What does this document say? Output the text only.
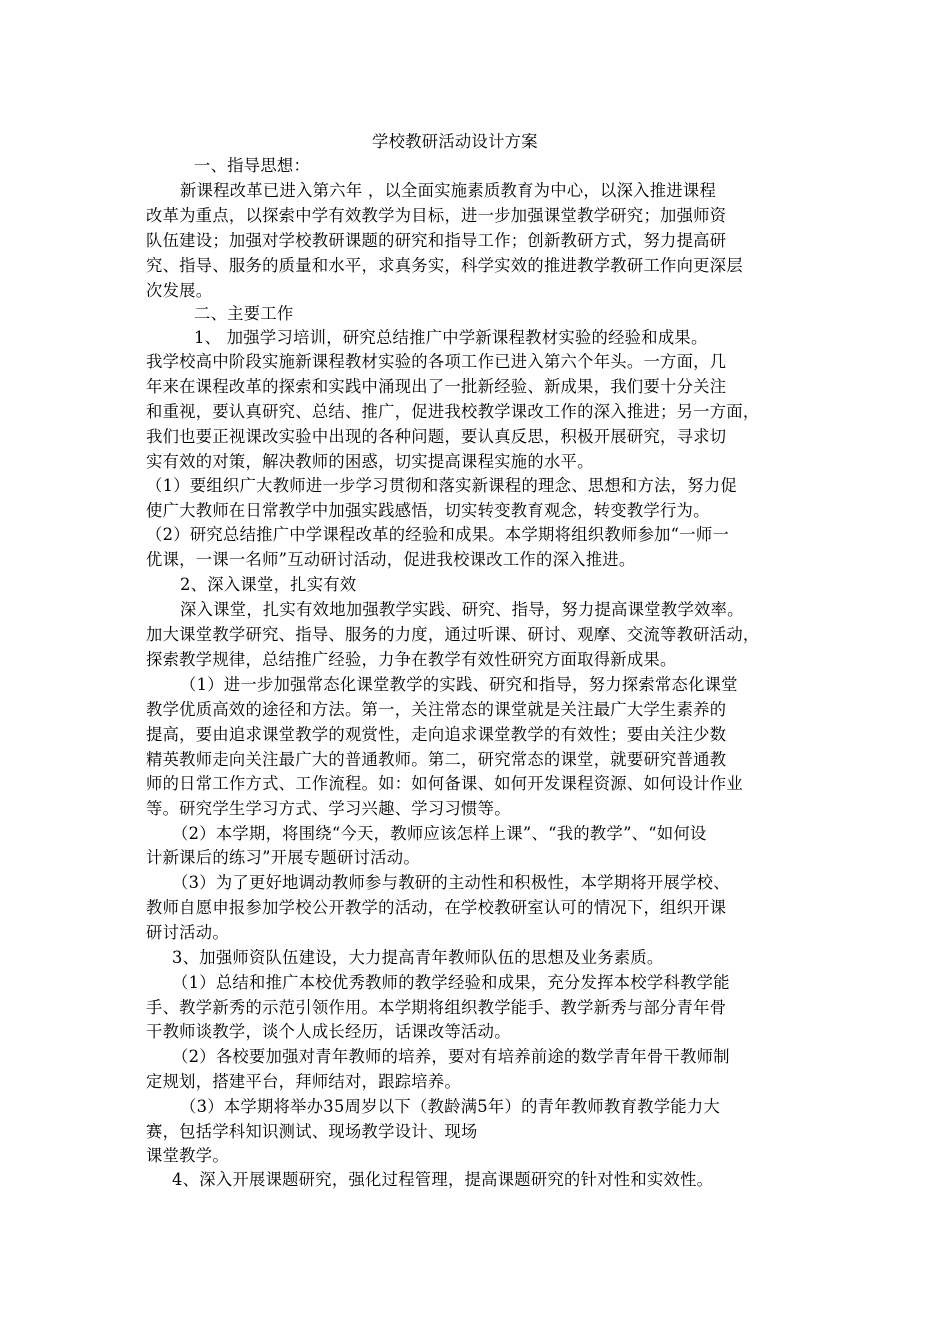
学校教研活动设计方案
一、指导思想：
新课程改革已进入第六年 ，以全面实施素质教育为中心，以深入推进课程
改革为重点，以探索中学有效教学为目标，进一步加强课堂教学研究；加强师资
队伍建设；加强对学校教研课题的研究和指导工作；创新教研方式，努力提高研
究、指导、服务的质量和水平，求真务实，科学实效的推进教学教研工作向更深层
次发展。
二、主要工作
1、 加强学习培训，研究总结推广中学新课程教材实验的经验和成果。
我学校高中阶段实施新课程教材实验的各项工作已进入第六个年头。一方面，几
年来在课程改革的探索和实践中涌现出了一批新经验、新成果，我们要十分关注
和重视，要认真研究、总结、推广，促进我校教学课改工作的深入推进；另一方面，
我们也要正视课改实验中出现的各种问题，要认真反思，积极开展研究，寻求切
实有效的对策，解决教师的困惑，切实提高课程实施的水平。
（1）要组织广大教师进一步学习贯彻和落实新课程的理念、思想和方法，努力促
使广大教师在日常教学中加强实践感悟，切实转变教育观念，转变教学行为。
（2）研究总结推广中学课程改革的经验和成果。本学期将组织教师参加“一师一
优课，一课一名师”互动研讨活动，促进我校课改工作的深入推进。
2、深入课堂，扎实有效
深入课堂，扎实有效地加强教学实践、研究、指导，努力提高课堂教学效率。
加大课堂教学研究、指导、服务的力度，通过听课、研讨、观摩、交流等教研活动，
探索教学规律，总结推广经验，力争在教学有效性研究方面取得新成果。
（1）进一步加强常态化课堂教学的实践、研究和指导，努力探索常态化课堂
教学优质高效的途径和方法。第一，关注常态的课堂就是关注最广大学生素养的
提高，要由追求课堂教学的观赏性，走向追求课堂教学的有效性；要由关注少数
精英教师走向关注最广大的普通教师。第二，研究常态的课堂，就要研究普通教
师的日常工作方式、工作流程。如：如何备课、如何开发课程资源、如何设计作业
等。研究学生学习方式、学习兴趣、学习习惯等。
（2）本学期，将围绕“今天，教师应该怎样上课”、“我的教学”、“如何设
计新课后的练习”开展专题研讨活动。
（3）为了更好地调动教师参与教研的主动性和积极性，本学期将开展学校、
教师自愿申报参加学校公开教学的活动，在学校教研室认可的情况下，组织开课
研讨活动。
3、加强师资队伍建设，大力提高青年教师队伍的思想及业务素质。
（1）总结和推广本校优秀教师的教学经验和成果，充分发挥本校学科教学能
手、教学新秀的示范引领作用。本学期将组织教学能手、教学新秀与部分青年骨
干教师谈教学，谈个人成长经历，话课改等活动。
（2）各校要加强对青年教师的培养，要对有培养前途的数学青年骨干教师制
定规划，搭建平台，拜师结对，跟踪培养。
（3）本学期将举办35周岁以下（教龄满5年）的青年教师教育教学能力大
赛，包括学科知识测试、现场教学设计、现场
课堂教学。
4、深入开展课题研究，强化过程管理，提高课题研究的针对性和实效性。
